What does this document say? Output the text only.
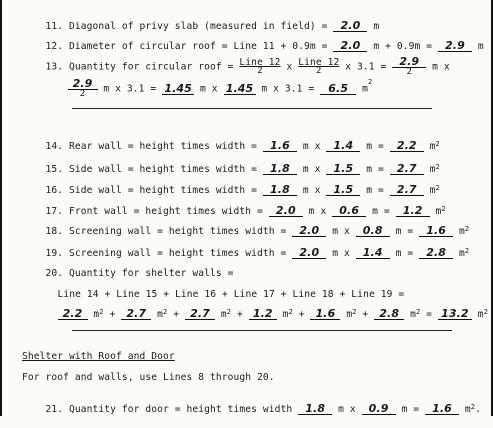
11. Diagonal of privy slab (measured in field) = 2.0 m

12. Diameter of circular roof = Line 11 + 0.9m = 2.0 m + 0.9m = 2.9 m

13. Quantity for circular roof = $\frac{\text{Line 12}}{2}$ x $\frac{\text{Line 12}}{2}$ x $3.1 = \frac{2.9}{2}$ m x

$\frac{2.9}{2}$ m x 3.1 = 1.45 m x 1.45 m x 3.1 = 6.5 $m^2$

14. Rear wall = height times width = 1.6 m x 1.4 m = 2.2 $m^2$

15. Side wall = height times width = 1.8 m x 1.5 m = 2.7 $m^2$

16. Side wall = height times width = 1.8 m x 1.5 m = 2.7 $m^2$

17. Front wall = height times width = 2.0 m x 0.6 m = 1.2 $m^2$

18. Screening wall = height times width = 2.0 m x 0.8 m = 1.6 $m^2$

19. Screening wall = height times width = 2.0 m x 1.4 m = 2.8 $m^2$

20. Quantity for shelter walls =

Line 14 + Line 15 + Line 16 + Line 17 + Line 18 + Line 19 =

2.2 $m^2 + 2.7$ $m^2 + 2.7$ $m^2 + 1.2$ $m^2 + 1.6$ $m^2 + 2.8$ $m^2 = 13.2$ $m^2$

Shelter with Roof and Door
For roof and walls, use Lines 8 through 20.

21. Quantity for door = height times width 1.8 m x 0.9 m = 1.6 $m^2$.
